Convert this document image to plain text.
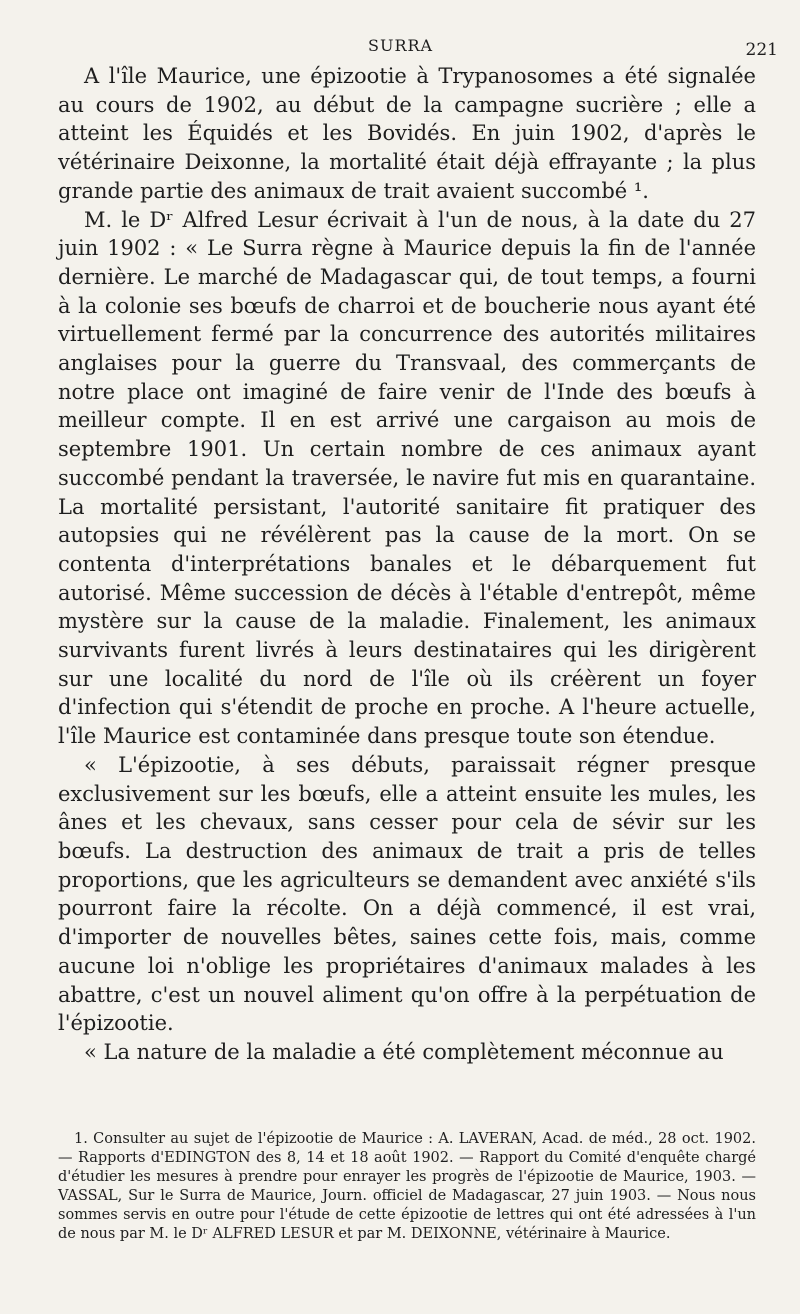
SURRA	221

A l'île Maurice, une épizootie à Trypanosomes a été signalée au cours de 1902, au début de la campagne sucrière ; elle a atteint les Équidés et les Bovidés. En juin 1902, d'après le vétérinaire Deixonne, la mortalité était déjà effrayante ; la plus grande partie des animaux de trait avaient succombé ¹.

M. le Dʳ Alfred Lesur écrivait à l'un de nous, à la date du 27 juin 1902 : « Le Surra règne à Maurice depuis la fin de l'année dernière. Le marché de Madagascar qui, de tout temps, a fourni à la colonie ses bœufs de charroi et de boucherie nous ayant été virtuellement fermé par la concurrence des autorités militaires anglaises pour la guerre du Transvaal, des commerçants de notre place ont imaginé de faire venir de l'Inde des bœufs à meilleur compte. Il en est arrivé une cargaison au mois de septembre 1901. Un certain nombre de ces animaux ayant succombé pendant la traversée, le navire fut mis en quarantaine. La mortalité persistant, l'autorité sanitaire fit pratiquer des autopsies qui ne révélèrent pas la cause de la mort. On se contenta d'interprétations banales et le débarquement fut autorisé. Même succession de décès à l'étable d'entrepôt, même mystère sur la cause de la maladie. Finalement, les animaux survivants furent livrés à leurs destinataires qui les dirigèrent sur une localité du nord de l'île où ils créèrent un foyer d'infection qui s'étendit de proche en proche. A l'heure actuelle, l'île Maurice est contaminée dans presque toute son étendue.

« L'épizootie, à ses débuts, paraissait régner presque exclusivement sur les bœufs, elle a atteint ensuite les mules, les ânes et les chevaux, sans cesser pour cela de sévir sur les bœufs. La destruction des animaux de trait a pris de telles proportions, que les agriculteurs se demandent avec anxiété s'ils pourront faire la récolte. On a déjà commencé, il est vrai, d'importer de nouvelles bêtes, saines cette fois, mais, comme aucune loi n'oblige les propriétaires d'animaux malades à les abattre, c'est un nouvel aliment qu'on offre à la perpétuation de l'épizootie.

« La nature de la maladie a été complètement méconnue au

1. Consulter au sujet de l'épizootie de Maurice : A. LAVERAN, Acad. de méd., 28 oct. 1902. — Rapports d'EDINGTON des 8, 14 et 18 août 1902. — Rapport du Comité d'enquête chargé d'étudier les mesures à prendre pour enrayer les progrès de l'épizootie de Maurice, 1903. — VASSAL, Sur le Surra de Maurice, Journ. officiel de Madagascar, 27 juin 1903. — Nous nous sommes servis en outre pour l'étude de cette épizootie de lettres qui ont été adressées à l'un de nous par M. le Dʳ ALFRED LESUR et par M. DEIXONNE, vétérinaire à Maurice.
